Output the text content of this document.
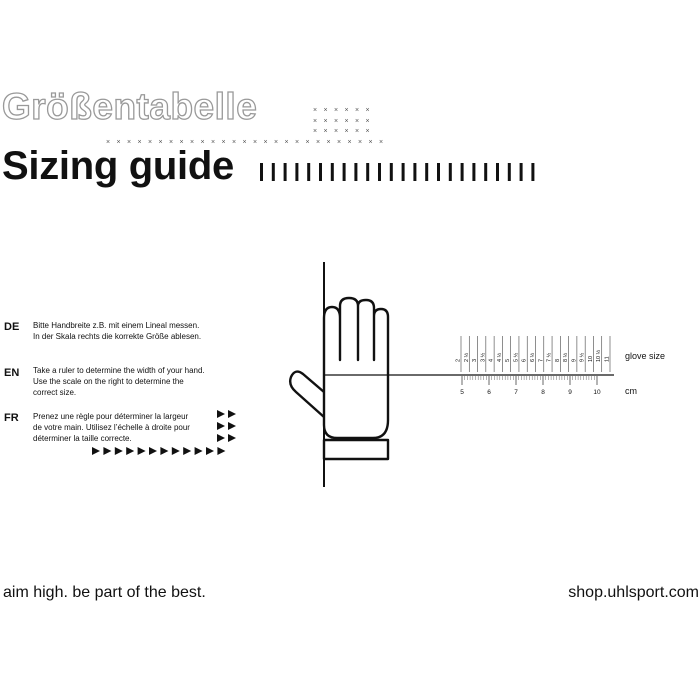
Größentabelle
Sizing guide
× × × × × ×
× × × × × ×
× × × × × ×
× × × × × × × × × × × × × × × × × × × × × × × × × × ×
DE Bitte Handbreite z.B. mit einem Lineal messen.
In der Skala rechts die korrekte Größe ablesen.
EN Take a ruler to determine the width of your hand.
Use the scale on the right to determine the
correct size.
FR Prenez une règle pour déterminer la largeur
de votre main. Utilisez l’échelle à droite pour
déterminer la taille correcte.
2 2 ½ 3 3 ½ 4 4 ½ 5 5 ½ 6 6 ½ 7 7 ½ 8 8 ½ 9 9 ½ 10 10 ½ 11
5	6	7	8	9	10
glove size
cm
aim high. be part of the best.	shop.uhlsport.com
